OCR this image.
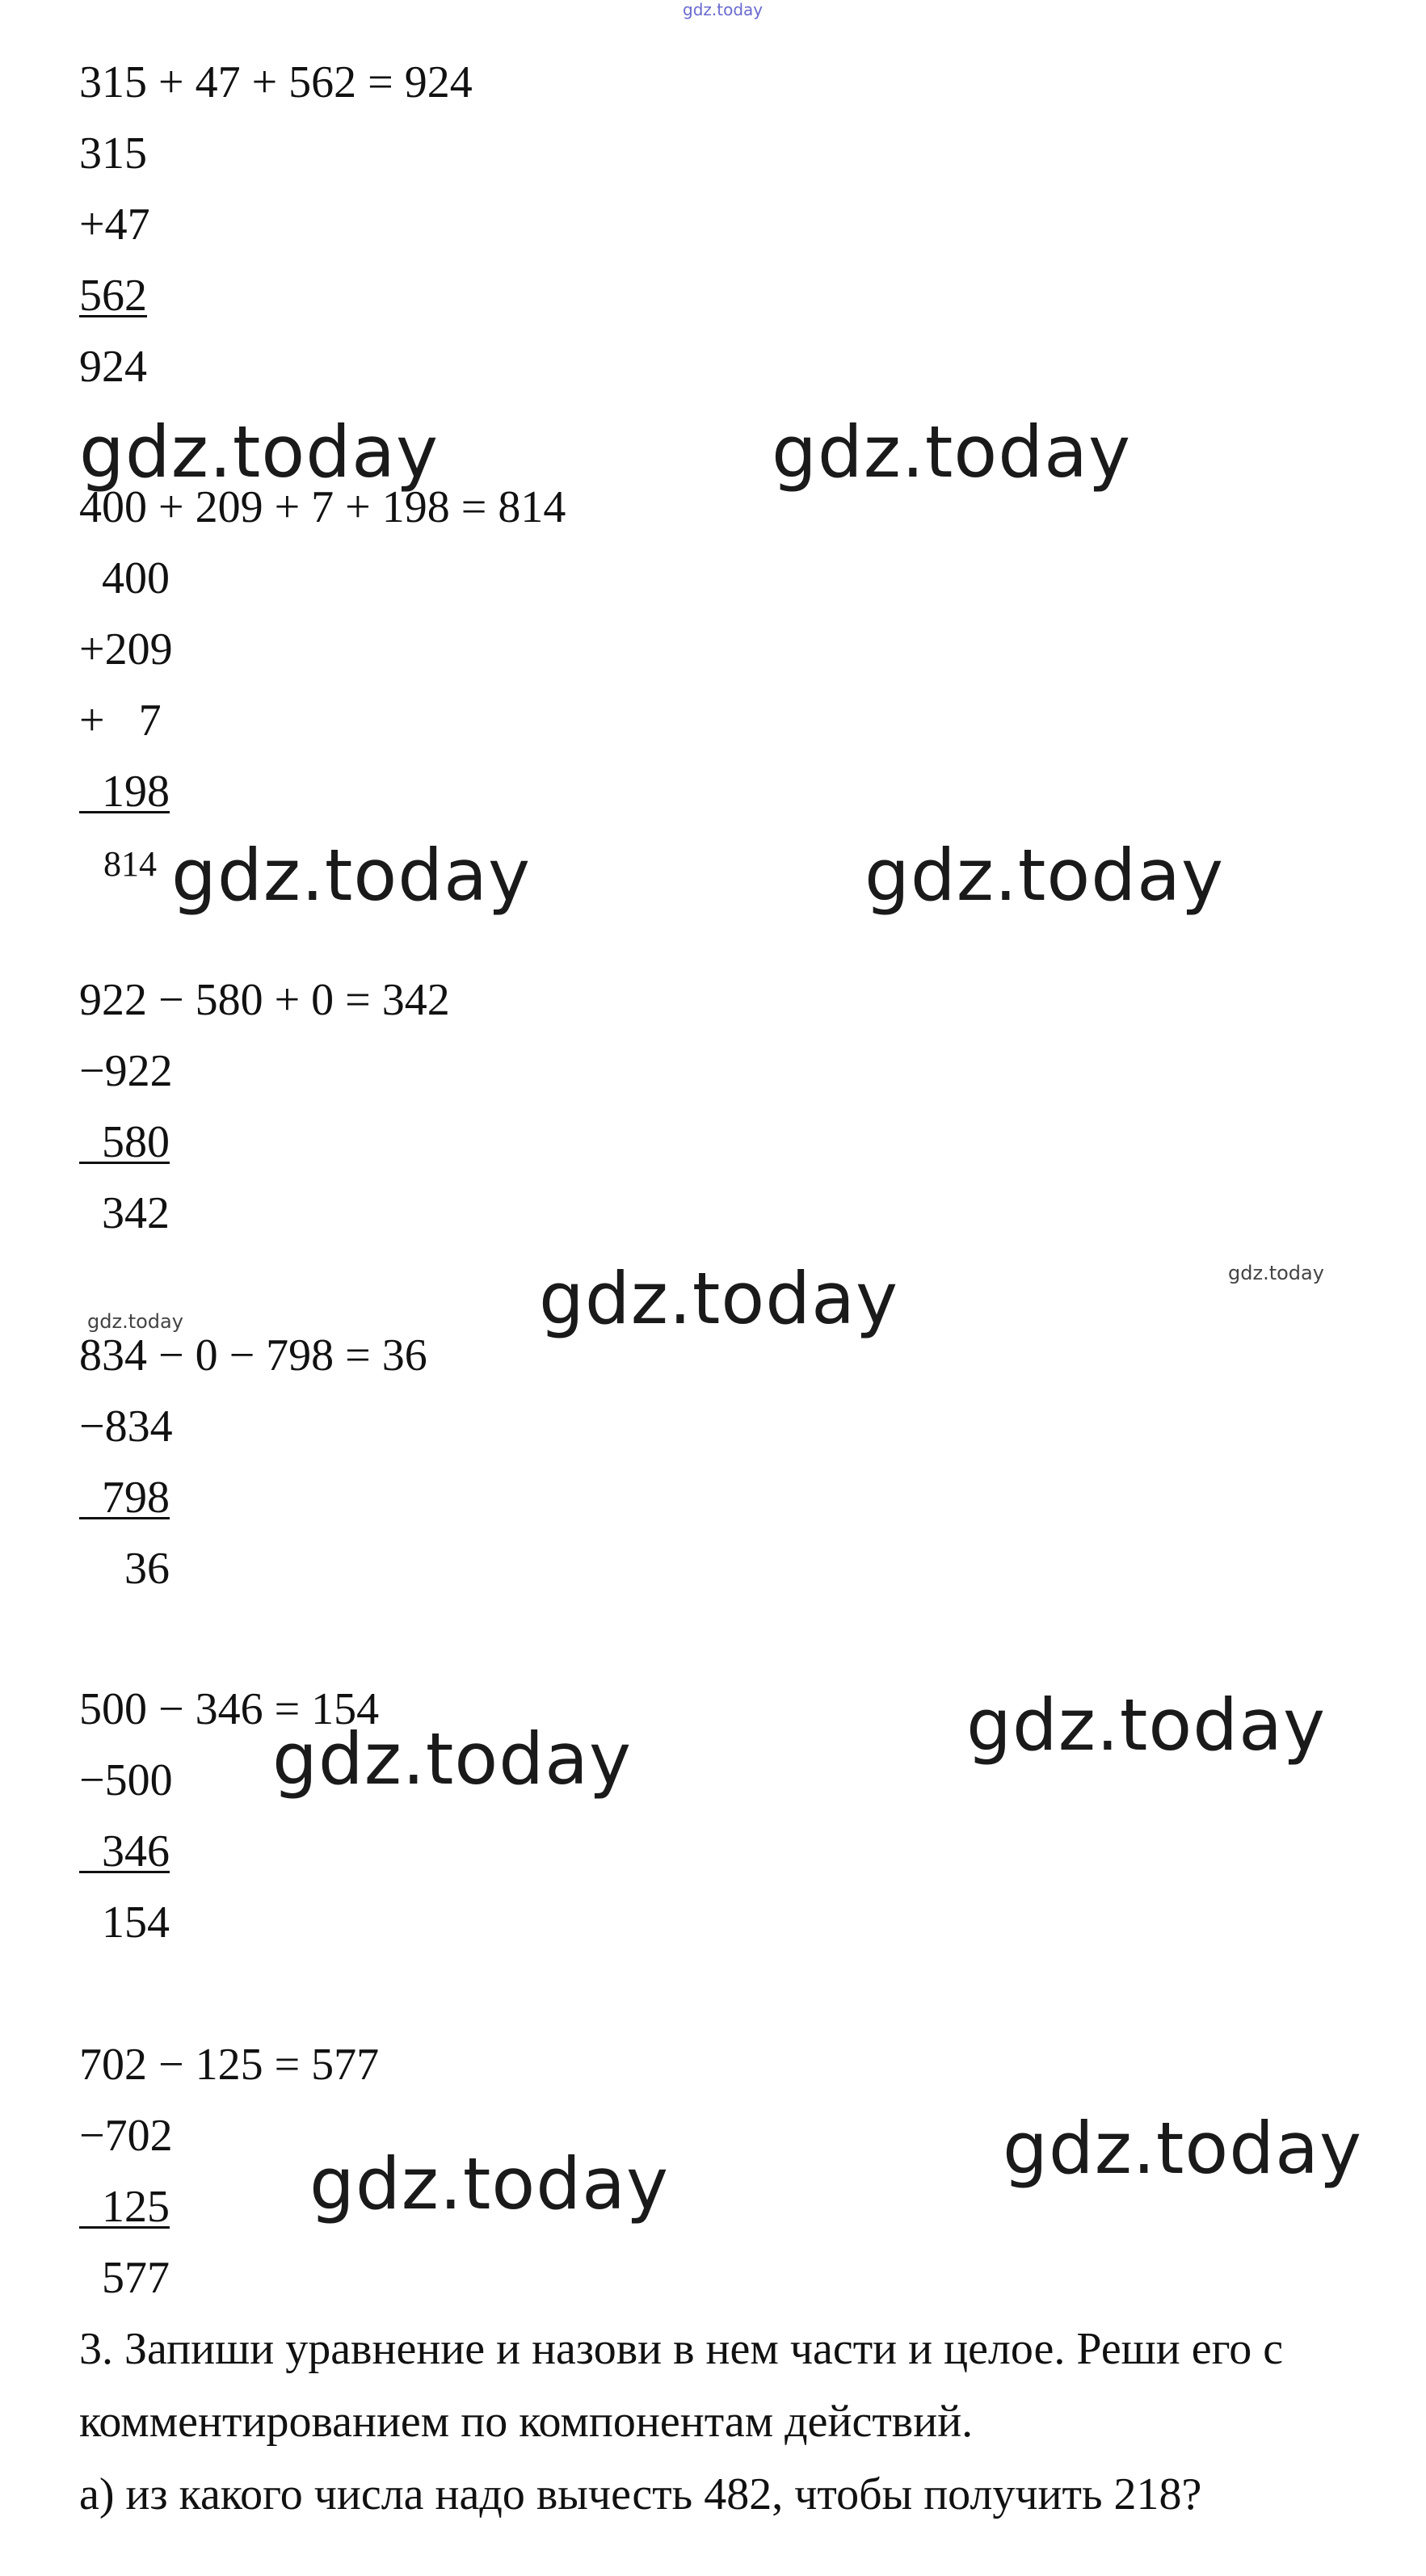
gdz.today
315 + 47 + 562 = 924
315
+47
562
924
gdz.today	gdz.today
400 + 209 + 7 + 198 = 814
400
+209
+   7
198
814 gdz.today	gdz.today
922 − 580 + 0 = 342
−922
580
342
gdz.today	gdz.today
gdz.today
834 − 0 − 798 = 36
−834
798
36
500 − 346 = 154	gdz.today
gdz.today
−500
346
154
702 − 125 = 577
−702	gdz.today
gdz.today
125
577
3. Запиши уравнение и назови в нем части и целое. Реши его с
комментированием по компонентам действий.
а) из какого числа надо вычесть 482, чтобы получить 218?
